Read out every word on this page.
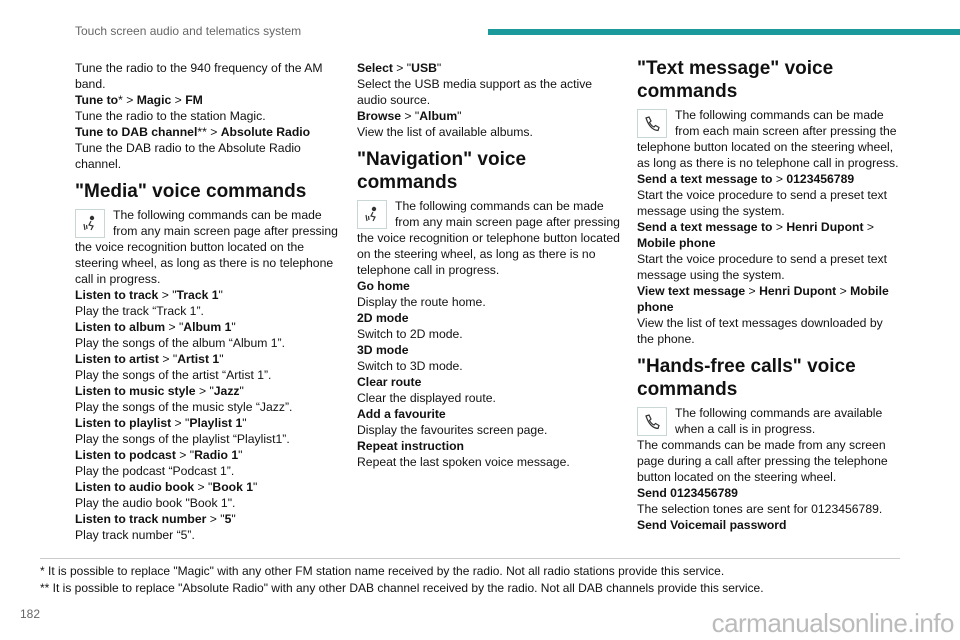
Touch screen audio and telematics system
Tune the radio to the 940 frequency of the AM
band.
Tune to* > Magic > FM
Tune the radio to the station Magic.
Tune to DAB channel** > Absolute Radio
Tune the DAB radio to the Absolute Radio
channel.
"Media" voice commands
The following commands can be made
from any main screen page after pressing
the voice recognition button located on the
steering wheel, as long as there is no telephone
call in progress.
Listen to track > "Track 1"
Play the track “Track 1”.
Listen to album > "Album 1"
Play the songs of the album “Album 1”.
Listen to artist > "Artist 1"
Play the songs of the artist “Artist 1”.
Listen to music style > "Jazz"
Play the songs of the music style “Jazz”.
Listen to playlist > "Playlist 1"
Play the songs of the playlist “Playlist1”.
Listen to podcast > "Radio 1"
Play the podcast “Podcast 1”.
Listen to audio book > "Book 1"
Play the audio book "Book 1".
Listen to track number > "5"
Play track number “5”.
Select > "USB"
Select the USB media support as the active
audio source.
Browse > "Album"
View the list of available albums.
"Navigation" voice
commands
The following commands can be made
from any main screen page after pressing
the voice recognition or telephone button located
on the steering wheel, as long as there is no
telephone call in progress.
Go home
Display the route home.
2D mode
Switch to 2D mode.
3D mode
Switch to 3D mode.
Clear route
Clear the displayed route.
Add a favourite
Display the favourites screen page.
Repeat instruction
Repeat the last spoken voice message.
"Text message" voice
commands
The following commands can be made
from each main screen after pressing the
telephone button located on the steering wheel,
as long as there is no telephone call in progress.
Send a text message to > 0123456789
Start the voice procedure to send a preset text
message using the system.
Send a text message to > Henri Dupont >
Mobile phone
Start the voice procedure to send a preset text
message using the system.
View text message > Henri Dupont > Mobile
phone
View the list of text messages downloaded by
the phone.
"Hands-free calls" voice
commands
The following commands are available
when a call is in progress.
The commands can be made from any screen
page during a call after pressing the telephone
button located on the steering wheel.
Send 0123456789
The selection tones are sent for 0123456789.
Send Voicemail password
* It is possible to replace "Magic" with any other FM station name received by the radio. Not all radio stations provide this service.
** It is possible to replace "Absolute Radio" with any other DAB channel received by the radio. Not all DAB channels provide this service.
182	carmanualsonline.info
